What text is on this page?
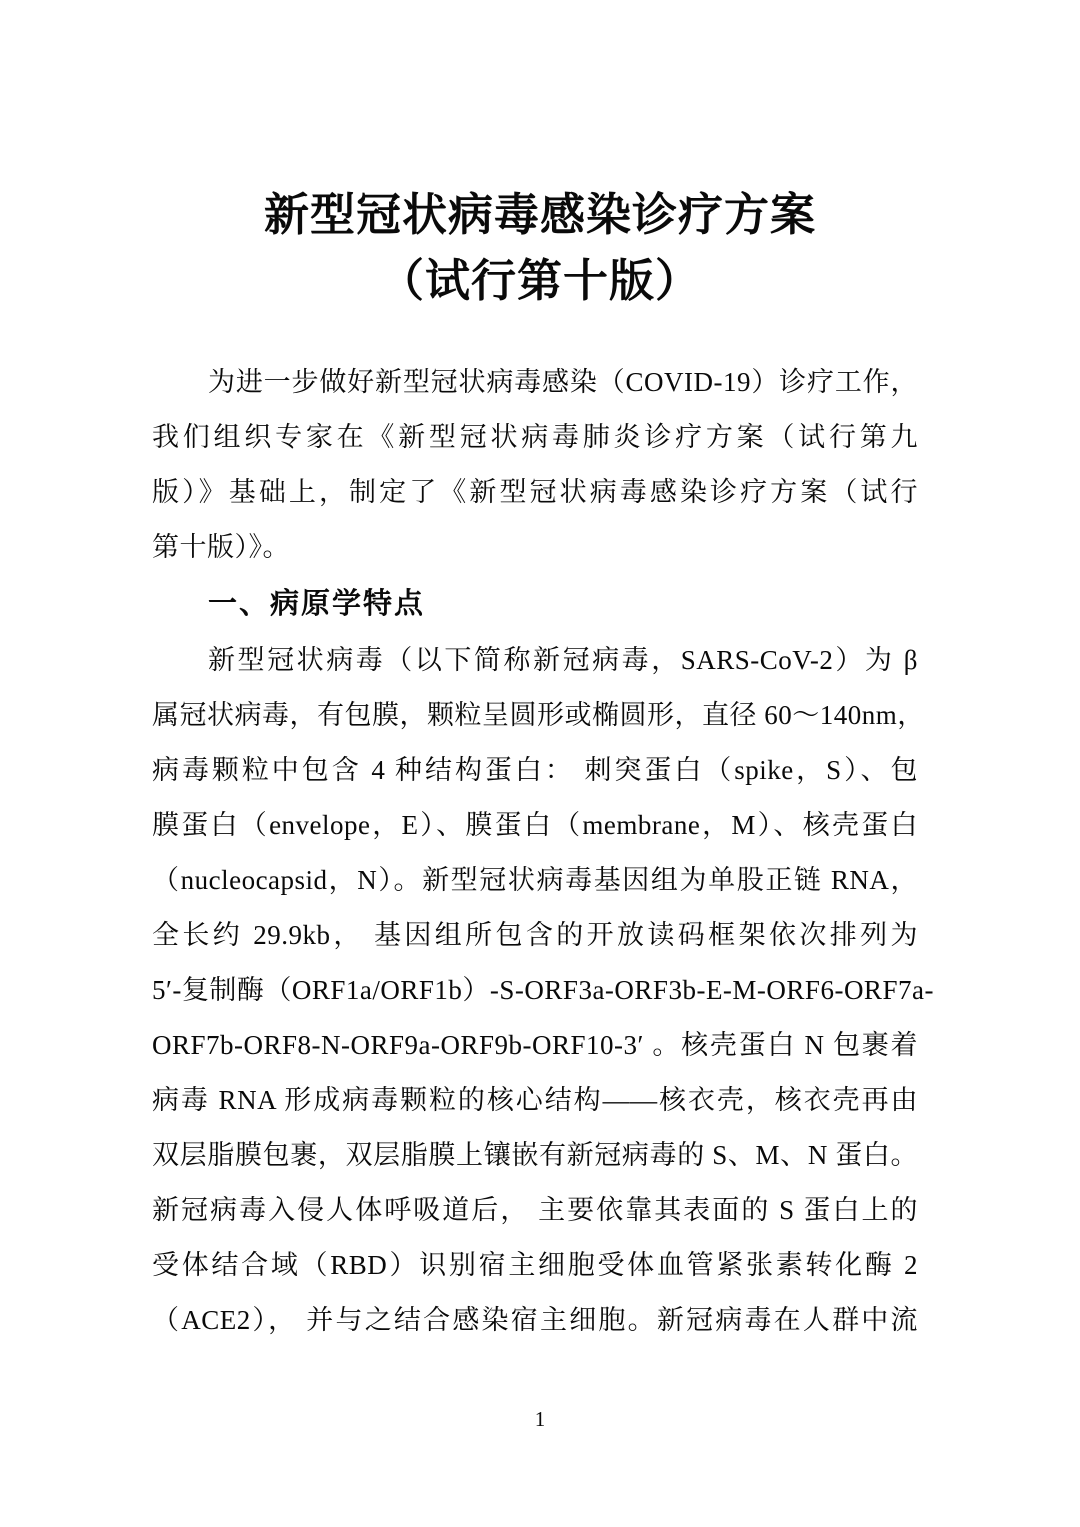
新型冠状病毒感染诊疗方案
（试行第十版）

为进一步做好新型冠状病毒感染（COVID-19）诊疗工作，

我们组织专家在《新型冠状病毒肺炎诊疗方案（试行第九

版）》基础上，制定了《新型冠状病毒感染诊疗方案（试行

第十版）》。

一、病原学特点

新型冠状病毒（以下简称新冠病毒，SARS-CoV-2）为 β

属冠状病毒，有包膜，颗粒呈圆形或椭圆形，直径 60～140nm，

病毒颗粒中包含 4 种结构蛋白： 刺突蛋白（spike，S）、包

膜蛋白（envelope，E）、膜蛋白（membrane，M）、核壳蛋白

（nucleocapsid，N）。新型冠状病毒基因组为单股正链 RNA，

全长约 29.9kb， 基因组所包含的开放读码框架依次排列为

5′-复制酶（ORF1a/ORF1b）-S-ORF3a-ORF3b-E-M-ORF6-ORF7a-

ORF7b-ORF8-N-ORF9a-ORF9b-ORF10-3′ 。核壳蛋白 N 包裹着

病毒 RNA 形成病毒颗粒的核心结构——核衣壳，核衣壳再由

双层脂膜包裹，双层脂膜上镶嵌有新冠病毒的 S、M、N 蛋白。

新冠病毒入侵人体呼吸道后， 主要依靠其表面的 S 蛋白上的

受体结合域（RBD）识别宿主细胞受体血管紧张素转化酶 2

（ACE2）， 并与之结合感染宿主细胞。新冠病毒在人群中流

1
